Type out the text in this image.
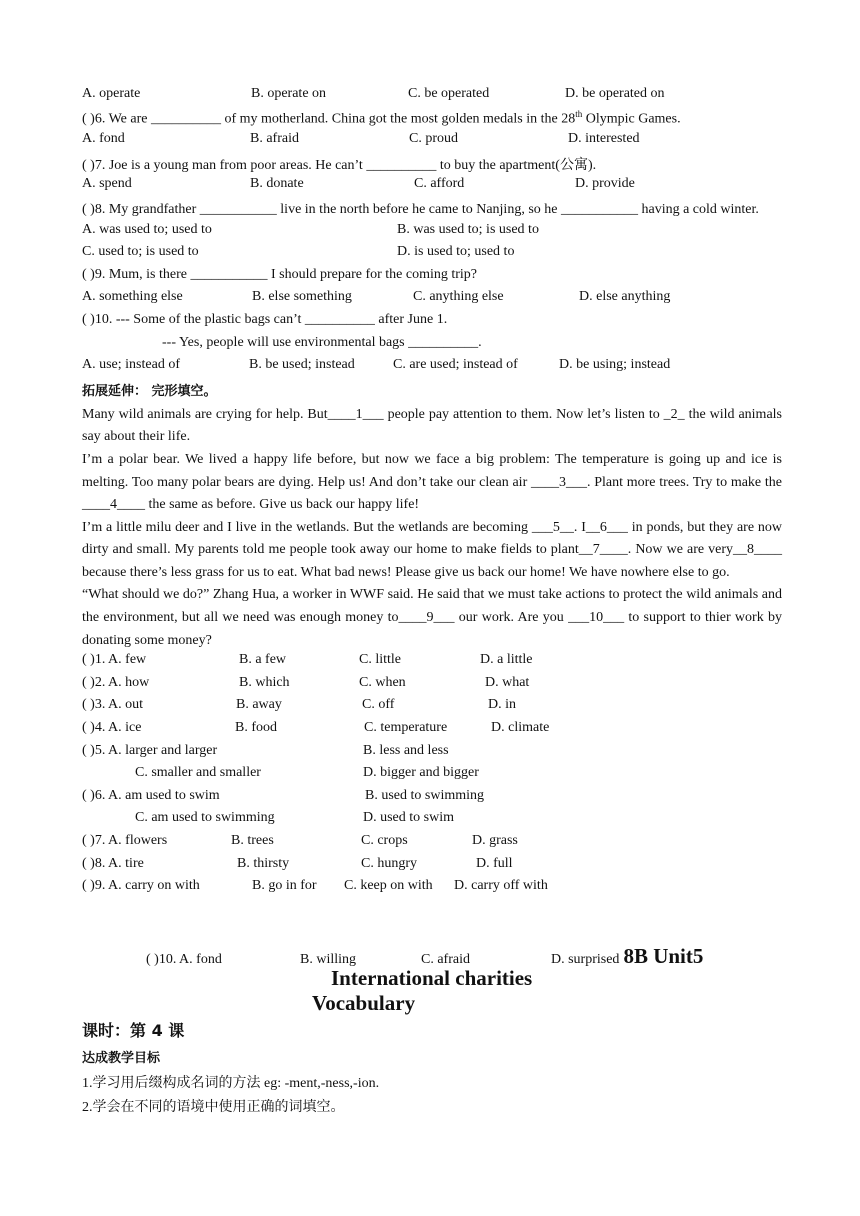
A. operate	B. operate on	C. be operated	D. be operated on
( )6. We are __________ of my motherland. China got the most golden medals in the 28th Olympic Games.
A. fond	B. afraid	C. proud	D. interested
( )7. Joe is a young man from poor areas. He can’t __________ to buy the apartment(公寓).
A. spend	B. donate	C. afford	D. provide

( )8. My grandfather ___________ live in the north before he came to Nanjing, so he ___________ having a cold winter.

A. was used to; used to	B. was used to; is used to
C. used to; is used to	D. is used to; used to
( )9. Mum, is there ___________ I should prepare for the coming trip?
A. something else	B. else something	C. anything else	D. else anything
( )10. --- Some of the plastic bags can’t __________ after June 1.
--- Yes, people will use environmental bags __________.
A. use; instead of	B. be used; instead	C. are used; instead of	D. be using; instead
拓展延伸： 完形填空。

Many wild animals are crying for help. But____1___ people pay attention to them. Now let’s listen to _2_ the wild animals say about their life.

I’m a polar bear. We lived a happy life before, but now we face a big problem: The temperature is going up and ice is melting. Too many polar bears are dying. Help us! And don’t take our clean air ____3___. Plant more trees. Try to make the ____4____ the same as before. Give us back our happy life!

I’m a little milu deer and I live in the wetlands. But the wetlands are becoming ___5__. I__6___ in ponds, but they are now dirty and small. My parents told me people took away our home to make fields to plant__7____. Now we are very__8____ because there’s less grass for us to eat. What bad news! Please give us back our home! We have nowhere else to go.

“What should we do?” Zhang Hua, a worker in WWF said. He said that we must take actions to protect the wild animals and the environment, but all we need was enough money to____9___ our work. Are you ___10___ to support to thier work by donating some money?

( )1. A. few	B. a few	C. little	D. a little
( )2. A. how	B. which	C. when	D. what
( )3. A. out	B. away	C. off	D. in
( )4. A. ice	B. food	C. temperature	D. climate
( )5. A. larger and larger	B. less and less
C. smaller and smaller	D. bigger and bigger
( )6. A. am used to swim	B. used to swimming
C. am used to swimming	D. used to swim
( )7. A. flowers	B. trees	C. crops	D. grass
( )8. A. tire	B. thirsty	C. hungry	D. full
( )9. A. carry on with	B. go in for	C. keep on with	D. carry off with
( )10. A. fond	B. willing	C. afraid	D. surprised 8B Unit5
International charities
Vocabulary
课时：第 4 课
达成教学目标
1.学习用后缀构成名词的方法 eg: -ment,-ness,-ion.
2.学会在不同的语境中使用正确的词填空。
